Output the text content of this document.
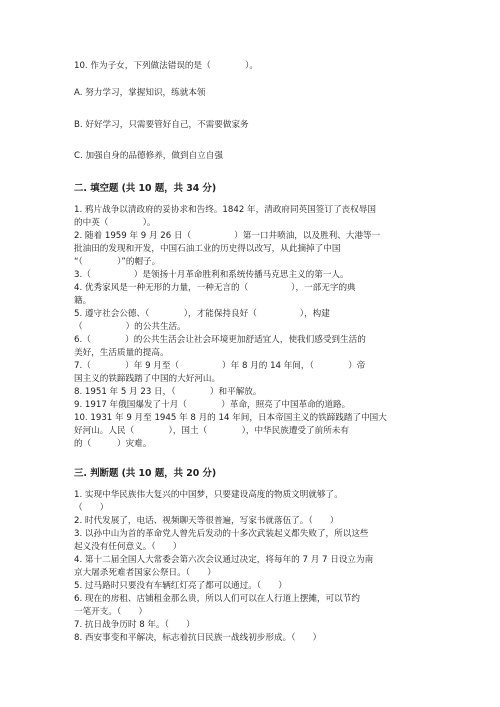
10. 作为子女，下列做法错误的是（　　　　）。
A. 努力学习，掌握知识，练就本领
B. 好好学习，只需要管好自己，不需要做家务
C. 加强自身的品德修养，做到自立自强
二. 填空题 (共 10 题，共 34 分)
1. 鸦片战争以清政府的妥协求和告终。1842 年，清政府同英国签订了丧权辱国
的中英（　　　　）。
2. 随着 1959 年 9 月 26 日（　　　　　）第一口井喷油，以及胜利、大港等一
批油田的发现和开发，中国石油工业的历史得以改写，从此摘掉了中国
“（　　　　）”的帽子。
3.（　　　　　）是领扬十月革命胜利和系统传播马克思主义的第一人。
4. 优秀家风是一种无形的力量，一种无言的（　　　　　），一部无字的典
籍。
5. 遵守社会公德、（　　　　），才能保持良好（　　　　　），构建
（　　　　　）的公共生活。
6.（　　　　）的公共生活会让社会环境更加舒适宜人，使我们感受到生活的
美好，生活质量的提高。
7.（　　　　）年 9 月至（　　　　　）年 8 月的 14 年间，（　　　　）帝
国主义的铁蹄践踏了中国的大好河山。
8. 1951 年 5 月 23 日，（　　　　）和平解放。
9. 1917 年俄国爆发了十月（　　　　）革命，照亮了中国革命的道路。
10. 1931 年 9 月至 1945 年 8 月的 14 年间，日本帝国主义的铁蹄践踏了中国大
好河山。人民（　　　　），国土（　　　　），中华民族遭受了前所未有
的（　　　）灾难。
三. 判断题 (共 10 题，共 20 分)
1. 实现中华民族伟大复兴的中国梦，只要建设高度的物质文明就够了。
（　　）
2. 时代发展了，电话、视频聊天等很普遍，写家书就落伍了。（　　）
3. 以孙中山为首的革命党人曾先后发动的十多次武装起义都失败了，所以这些
起义没有任何意义。（　　）
4. 第十二届全国人大常委会第六次会议通过决定，将每年的 7 月 7 日设立为南
京大屠杀死难者国家公祭日。（　　）
5. 过马路时只要没有车辆红灯亮了都可以通过。（　　）
6. 现在的房租、店铺租金那么贵，所以人们可以在人行道上摆摊，可以节约
一笔开支。（　　）
7. 抗日战争历时 8 年。（　　）
8. 西安事变和平解决，标志着抗日民族一战线初步形成。（　　）
